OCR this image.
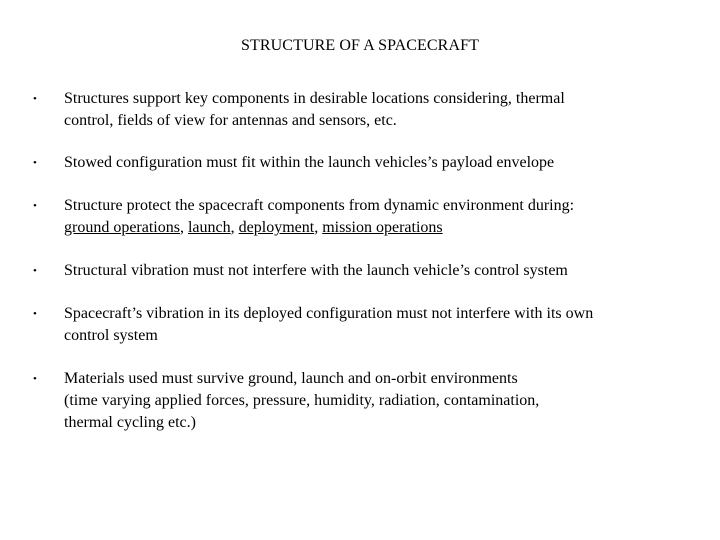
STRUCTURE OF A SPACECRAFT
• Structures support key components in desirable locations considering, thermal
control, fields of view for antennas and sensors, etc.
• Stowed configuration must fit within the launch vehicles’s payload envelope
• Structure protect the spacecraft components from dynamic environment during:
ground operations, launch, deployment, mission operations
• Structural vibration must not interfere with the launch vehicle’s control system
• Spacecraft’s vibration in its deployed configuration must not interfere with its own
control system
• Materials used must survive ground, launch and on-orbit environments
(time varying applied forces, pressure, humidity, radiation, contamination,
thermal cycling etc.)
